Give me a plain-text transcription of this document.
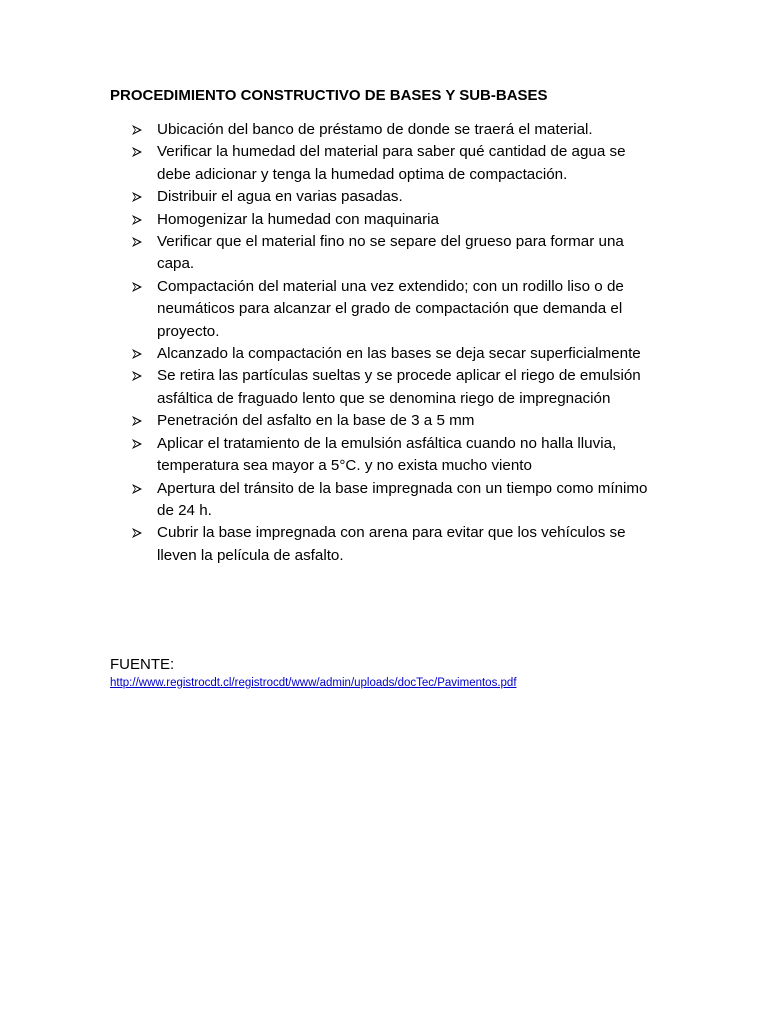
PROCEDIMIENTO CONSTRUCTIVO DE BASES Y SUB-BASES
Ubicación del banco de préstamo de donde se traerá el material.
Verificar la humedad del material para saber qué cantidad de agua se debe adicionar y tenga la humedad optima de compactación.
Distribuir el agua en varias pasadas.
Homogenizar la humedad con maquinaria
Verificar que el material fino no se separe del grueso para formar una capa.
Compactación del material una vez extendido; con un rodillo liso o de neumáticos para alcanzar el grado de compactación que demanda el proyecto.
Alcanzado la compactación en las bases se deja secar superficialmente
Se retira las partículas sueltas y se procede aplicar el riego de emulsión asfáltica de fraguado lento que se denomina riego de impregnación
Penetración del asfalto en la base de 3 a 5 mm
Aplicar el tratamiento de la emulsión asfáltica cuando no halla lluvia, temperatura sea mayor a 5°C. y no exista mucho viento
Apertura del tránsito de la base impregnada con un tiempo como mínimo de 24 h.
Cubrir la base impregnada con arena para evitar que los vehículos se lleven la película de asfalto.
FUENTE:
http://www.registrocdt.cl/registrocdt/www/admin/uploads/docTec/Pavimentos.pdf
